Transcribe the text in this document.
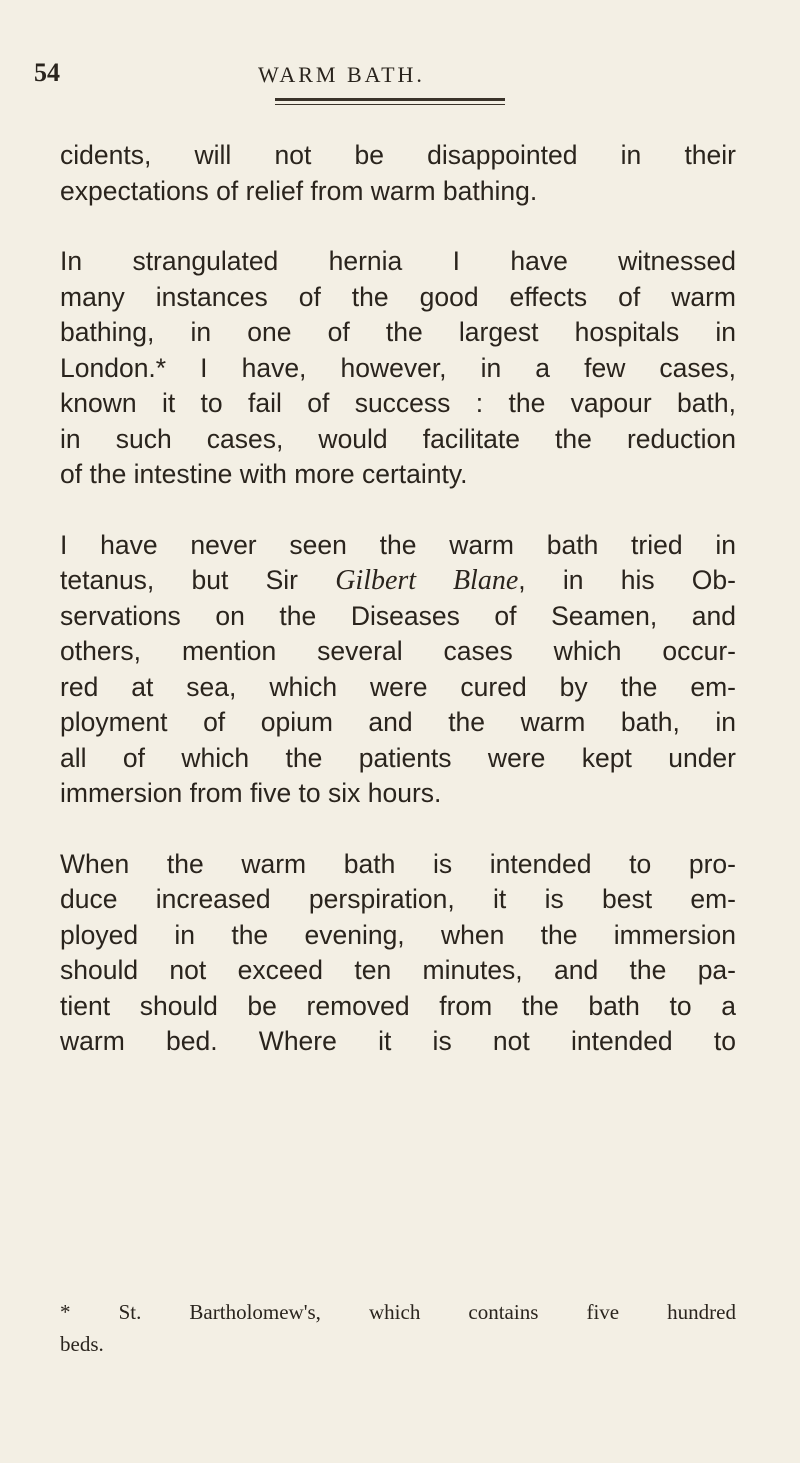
54	WARM BATH.

cidents, will not be disappointed in their
expectations of relief from warm bathing.

In strangulated hernia I have witnessed
many instances of the good effects of warm
bathing, in one of the largest hospitals in
London.* I have, however, in a few cases,
known it to fail of success : the vapour bath,
in such cases, would facilitate the reduction
of the intestine with more certainty.

I have never seen the warm bath tried in
tetanus, but Sir Gilbert Blane, in his Ob-
servations on the Diseases of Seamen, and
others, mention several cases which occur-
red at sea, which were cured by the em-
ployment of opium and the warm bath, in
all of which the patients were kept under
immersion from five to six hours.

When the warm bath is intended to pro-
duce increased perspiration, it is best em-
ployed in the evening, when the immersion
should not exceed ten minutes, and the pa-
tient should be removed from the bath to a
warm bed. Where it is not intended to

* St. Bartholomew's, which contains five hundred
beds.
